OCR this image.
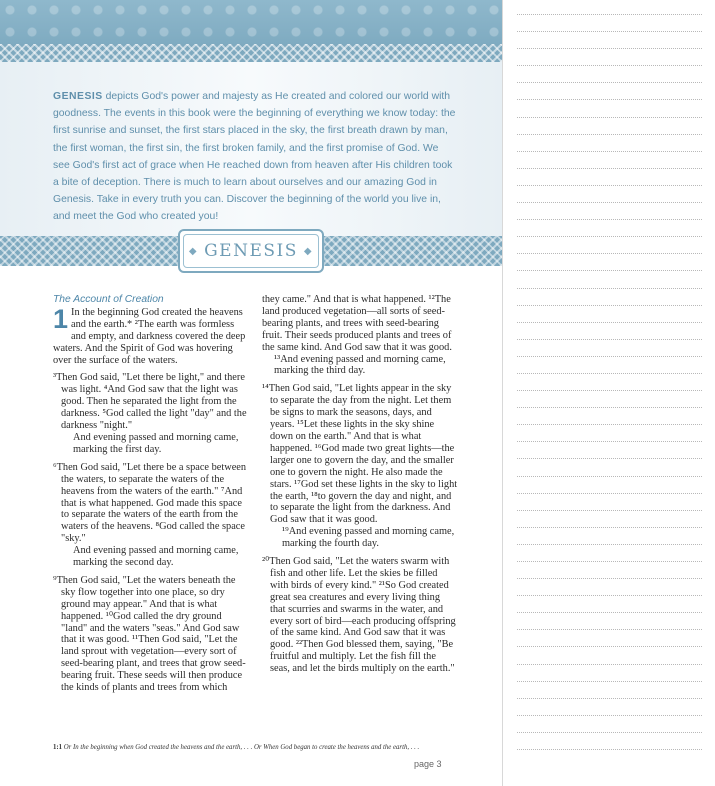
GENESIS depicts God's power and majesty as He created and colored our world with goodness. The events in this book were the beginning of everything we know today: the first sunrise and sunset, the first stars placed in the sky, the first breath drawn by man, the first woman, the first sin, the first broken family, and the first promise of God. We see God's first act of grace when He reached down from heaven after His children took a bite of deception. There is much to learn about ourselves and our amazing God in Genesis. Take in every truth you can. Discover the beginning of the world you live in, and meet the God who created you!

◆ GENESIS ◆

The Account of Creation

1 In the beginning God created the heavens and the earth.* ²The earth was formless and empty, and darkness covered the deep waters. And the Spirit of God was hovering over the surface of the waters.

³Then God said, "Let there be light," and there was light. ⁴And God saw that the light was good. Then he separated the light from the darkness. ⁵God called the light "day" and the darkness "night."
And evening passed and morning came, marking the first day.

⁶Then God said, "Let there be a space between the waters, to separate the waters of the heavens from the waters of the earth." ⁷And that is what happened. God made this space to separate the waters of the earth from the waters of the heavens. ⁸God called the space "sky."
And evening passed and morning came, marking the second day.

⁹Then God said, "Let the waters beneath the sky flow together into one place, so dry ground may appear." And that is what happened. ¹⁰God called the dry ground "land" and the waters "seas." And God saw that it was good. ¹¹Then God said, "Let the land sprout with vegetation—every sort of seed-bearing plant, and trees that grow seed-bearing fruit. These seeds will then produce the kinds of plants and trees from which

they came." And that is what happened. ¹²The land produced vegetation—all sorts of seed-bearing plants, and trees with seed-bearing fruit. Their seeds produced plants and trees of the same kind. And God saw that it was good.
¹³And evening passed and morning came, marking the third day.

¹⁴Then God said, "Let lights appear in the sky to separate the day from the night. Let them be signs to mark the seasons, days, and years. ¹⁵Let these lights in the sky shine down on the earth." And that is what happened. ¹⁶God made two great lights—the larger one to govern the day, and the smaller one to govern the night. He also made the stars. ¹⁷God set these lights in the sky to light the earth, ¹⁸to govern the day and night, and to separate the light from the darkness. And God saw that it was good.
¹⁹And evening passed and morning came, marking the fourth day.

²⁰Then God said, "Let the waters swarm with fish and other life. Let the skies be filled with birds of every kind." ²¹So God created great sea creatures and every living thing that scurries and swarms in the water, and every sort of bird—each producing offspring of the same kind. And God saw that it was good. ²²Then God blessed them, saying, "Be fruitful and multiply. Let the fish fill the seas, and let the birds multiply on the earth."

1:1 Or In the beginning when God created the heavens and the earth, . . . Or When God began to create the heavens and the earth, . . .
page 3
